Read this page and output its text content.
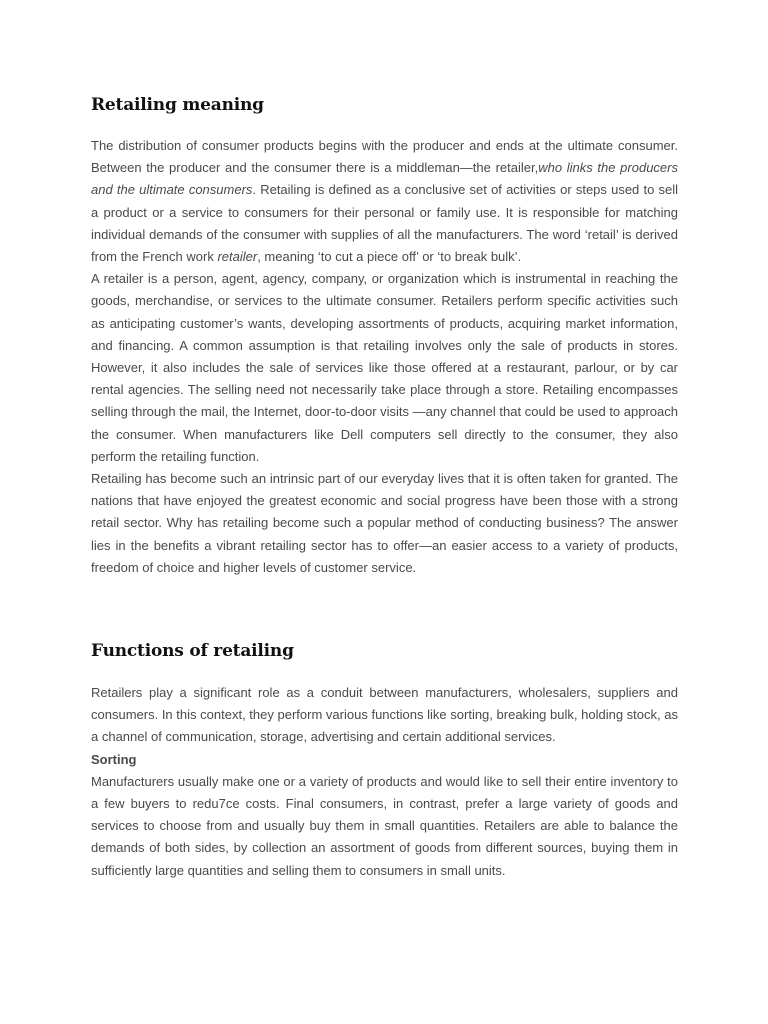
Retailing meaning

The distribution of consumer products begins with the producer and ends at the ultimate consumer. Between the producer and the consumer there is a middleman—the retailer,who links the producers and the ultimate consumers. Retailing is defined as a conclusive set of activities or steps used to sell a product or a service to consumers for their personal or family use. It is responsible for matching individual demands of the consumer with supplies of all the manufacturers. The word ‘retail’ is derived from the French work retailer, meaning ‘to cut a piece off’ or ‘to break bulk’.

A retailer is a person, agent, agency, company, or organization which is instrumental in reaching the goods, merchandise, or services to the ultimate consumer. Retailers perform specific activities such as anticipating customer’s wants, developing assortments of products, acquiring market information, and financing. A common assumption is that retailing involves only the sale of products in stores. However, it also includes the sale of services like those offered at a restaurant, parlour, or by car rental agencies. The selling need not necessarily take place through a store. Retailing encompasses selling through the mail, the Internet, door-to-door visits —any channel that could be used to approach the consumer. When manufacturers like Dell computers sell directly to the consumer, they also perform the retailing function.

Retailing has become such an intrinsic part of our everyday lives that it is often taken for granted. The nations that have enjoyed the greatest economic and social progress have been those with a strong retail sector. Why has retailing become such a popular method of conducting business? The answer lies in the benefits a vibrant retailing sector has to offer—an easier access to a variety of products, freedom of choice and higher levels of customer service.

Functions of retailing

Retailers play a significant role as a conduit between manufacturers, wholesalers, suppliers and consumers. In this context, they perform various functions like sorting, breaking bulk, holding stock, as a channel of communication, storage, advertising and certain additional services.

Sorting

Manufacturers usually make one or a variety of products and would like to sell their entire inventory to a few buyers to redu7ce costs. Final consumers, in contrast, prefer a large variety of goods and services to choose from and usually buy them in small quantities. Retailers are able to balance the demands of both sides, by collection an assortment of goods from different sources, buying them in sufficiently large quantities and selling them to consumers in small units.
